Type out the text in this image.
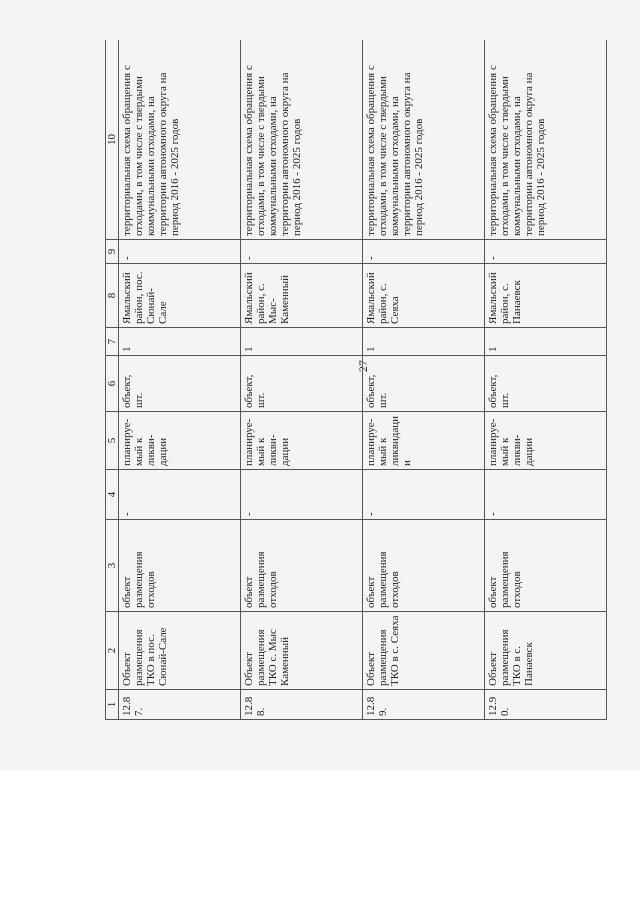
27
1	2	3	4	5	6	7	8	9	10
12.87.	Объект размещения ТКО в пос. Сюнай-Сале	объект размещения отходов	-	планируе-мый к ликви-дации	объект, шт.	1	Ямальский район, пос. Сюнай-Сале	-	территориальная схема обращения с отходами, в том числе с твердыми коммунальными отходами, на территории автономного округа на период 2016 - 2025 годов
12.88.	Объект размещения ТКО с. Мыс Каменный	объект размещения отходов	-	планируе-мый к ликви-дации	объект, шт.	1	Ямальский район, с. Мыс-Каменный	-	территориальная схема обращения с отходами, в том числе с твердыми коммунальными отходами, на территории автономного округа на период 2016 - 2025 годов
12.89.	Объект размещения ТКО в с. Сеяха	объект размещения отходов	-	планируе-мый к ликвидации	объект, шт.	1	Ямальский район, с. Сеяха	-	территориальная схема обращения с отходами, в том числе с твердыми коммунальными отходами, на территории автономного округа на период 2016 - 2025 годов
12.90.	Объект размещения ТКО в с. Панаевск	объект размещения отходов	-	планируе-мый к ликви-дации	объект, шт.	1	Ямальский район, с. Панаевск	-	территориальная схема обращения с отходами, в том числе с твердыми коммунальными отходами, на территории автономного округа на период 2016 - 2025 годов
